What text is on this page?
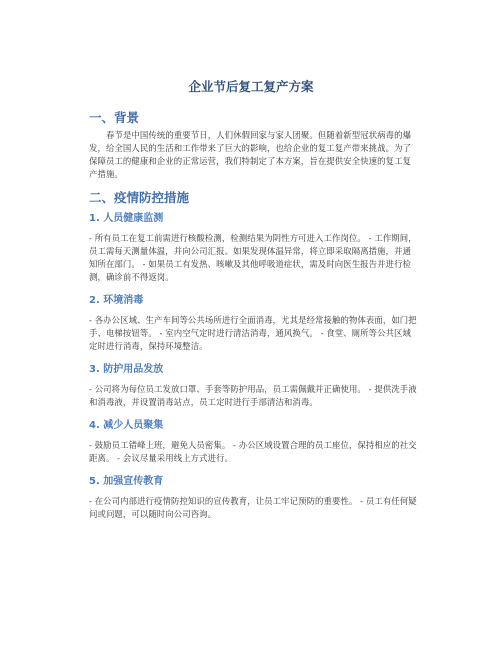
企业节后复工复产方案
一、背景

春节是中国传统的重要节日，人们休假回家与家人团聚。但随着新型冠状病毒的爆发，给全国人民的生活和工作带来了巨大的影响，也给企业的复工复产带来挑战。为了保障员工的健康和企业的正常运营，我们特制定了本方案，旨在提供安全快速的复工复产措施。

二、疫情防控措施
1. 人员健康监测

- 所有员工在复工前需进行核酸检测，检测结果为阴性方可进入工作岗位。 - 工作期间，员工需每天测量体温，并向公司汇报。如果发现体温异常，将立即采取隔离措施，并通知所在部门。 - 如果员工有发热、咳嗽及其他呼吸道症状，需及时向医生报告并进行检测，确诊前不得返岗。

2. 环境消毒

- 各办公区域、生产车间等公共场所进行全面消毒，尤其是经常接触的物体表面，如门把手、电梯按钮等。 - 室内空气定时进行清洁消毒，通风换气。 - 食堂、厕所等公共区域定时进行消毒，保持环境整洁。

3. 防护用品发放

- 公司将为每位员工发放口罩、手套等防护用品，员工需佩戴并正确使用。 - 提供洗手液和消毒液，并设置消毒站点，员工定时进行手部清洁和消毒。

4. 减少人员聚集

- 鼓励员工错峰上班，避免人员密集。 - 办公区域设置合理的员工座位，保持相应的社交距离。 - 会议尽量采用线上方式进行。

5. 加强宣传教育

- 在公司内部进行疫情防控知识的宣传教育，让员工牢记预防的重要性。 - 员工有任何疑问或问题，可以随时向公司咨询。
